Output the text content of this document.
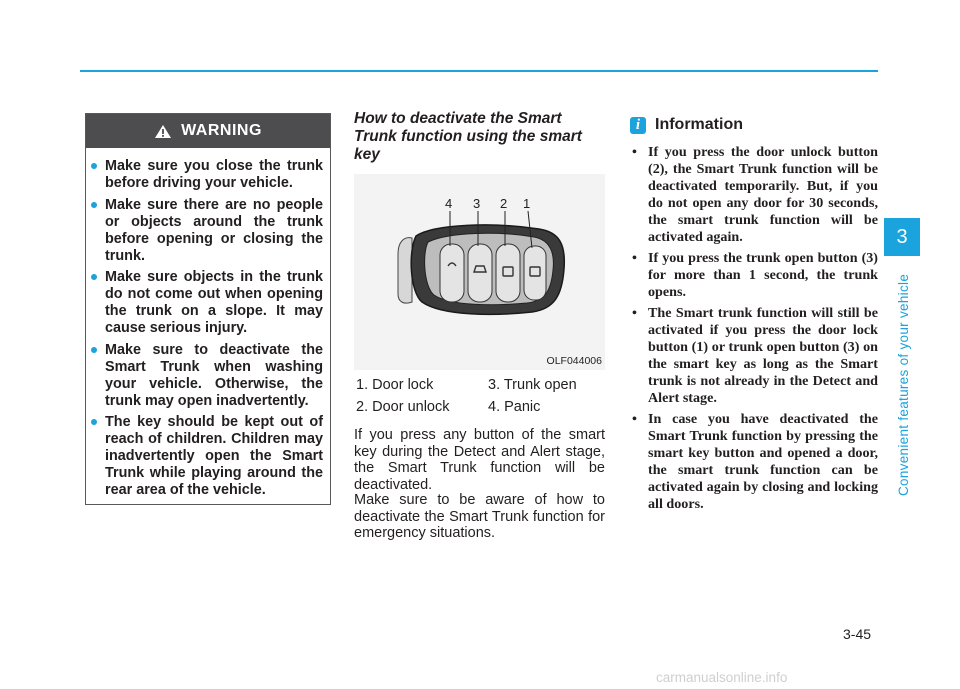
WARNING
Make sure you close the trunk before driving your vehicle.
Make sure there are no people or objects around the trunk before opening or closing the trunk.
Make sure objects in the trunk do not come out when opening the trunk on a slope. It may cause serious injury.
Make sure to deactivate the Smart Trunk when washing your vehicle. Otherwise, the trunk may open inadvertently.
The key should be kept out of reach of children. Children may inadvertently open the Smart Trunk while playing around the rear area of the vehicle.
How to deactivate the Smart Trunk function using the smart key
4 3 2 1
OLF044006
1. Door lock	3. Trunk open
2. Door unlock	4. Panic

If you press any button of the smart key during the Detect and Alert stage, the Smart Trunk function will be deactivated.

Make sure to be aware of how to deactivate the Smart Trunk function for emergency situations.

i Information
• If you press the door unlock button (2), the Smart Trunk function will be deactivated temporarily. But, if you do not open any door for 30 seconds, the smart trunk function will be activated again.
• If you press the trunk open button (3) for more than 1 second, the trunk opens.
• The Smart trunk function will still be activated if you press the door lock button (1) or trunk open button (3) on the smart key as long as the Smart trunk is not already in the Detect and Alert stage.
• In case you have deactivated the Smart Trunk function by pressing the smart key button and opened a door, the smart trunk function can be activated again by closing and locking all doors.
3
Convenient features of your vehicle
3-45
carmanualsonline.info
